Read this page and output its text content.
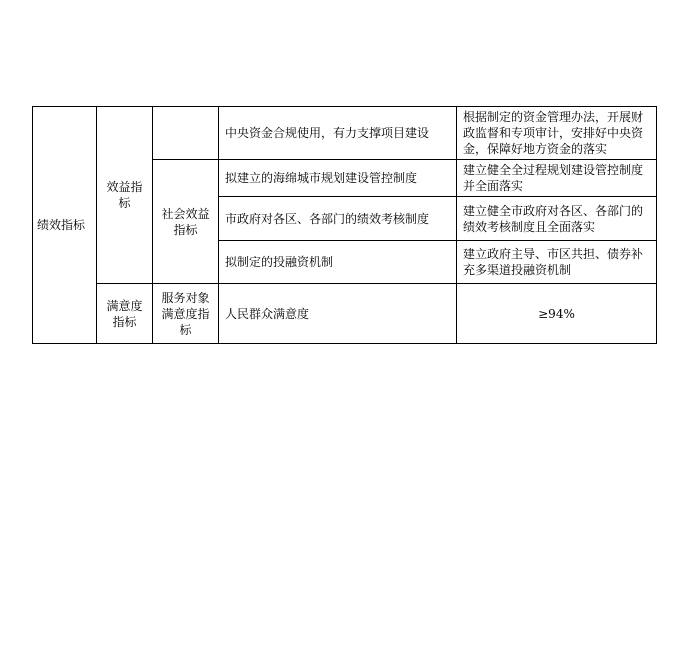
绩效指标	效益指标		中央资金合规使用，有力支撑项目建设	根据制定的资金管理办法，开展财政监督和专项审计，安排好中央资金，保障好地方资金的落实
		社会效益指标	拟建立的海绵城市规划建设管控制度	建立健全全过程规划建设管控制度并全面落实
			市政府对各区、各部门的绩效考核制度	建立健全市政府对各区、各部门的绩效考核制度且全面落实
			拟制定的投融资机制	建立政府主导、市区共担、债券补充多渠道投融资机制
	满意度指标	服务对象满意度指标	人民群众满意度	≥94%
